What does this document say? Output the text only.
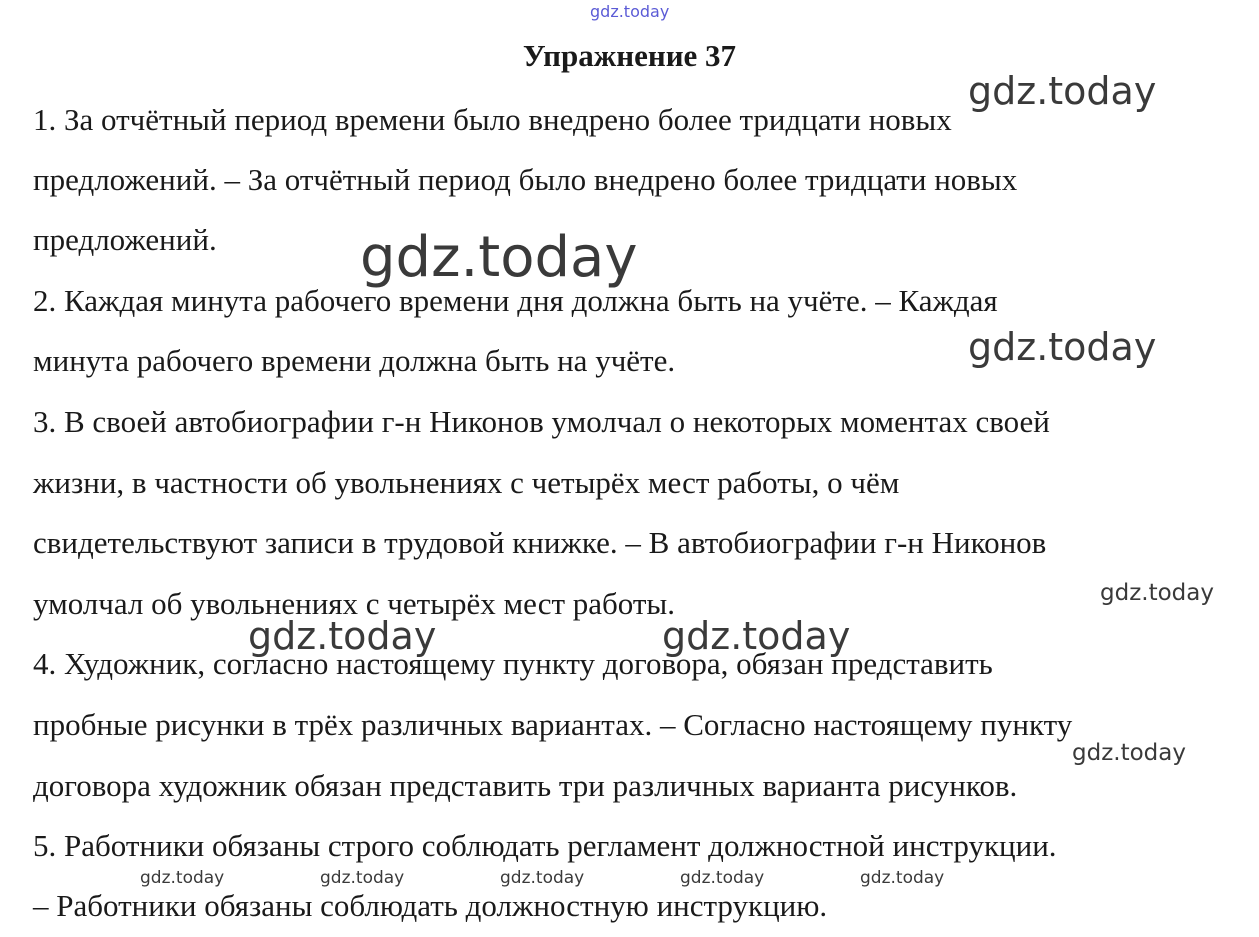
gdz.today
Упражнение 37
1. За отчётный период времени было внедрено более тридцати новых
предложений. – За отчётный период было внедрено более тридцати новых
предложений.
2. Каждая минута рабочего времени дня должна быть на учёте. – Каждая
минута рабочего времени должна быть на учёте.
3. В своей автобиографии г-н Никонов умолчал о некоторых моментах своей
жизни, в частности об увольнениях с четырёх мест работы, о чём
свидетельствуют записи в трудовой книжке. – В автобиографии г-н Никонов
умолчал об увольнениях с четырёх мест работы.
4. Художник, согласно настоящему пункту договора, обязан представить
пробные рисунки в трёх различных вариантах. – Согласно настоящему пункту
договора художник обязан представить три различных варианта рисунков.
5. Работники обязаны строго соблюдать регламент должностной инструкции.
– Работники обязаны соблюдать должностную инструкцию.
gdz.today
gdz.today
gdz.today
gdz.today
gdz.today	gdz.today
gdz.today
gdz.today	gdz.today	gdz.today	gdz.today	gdz.today
